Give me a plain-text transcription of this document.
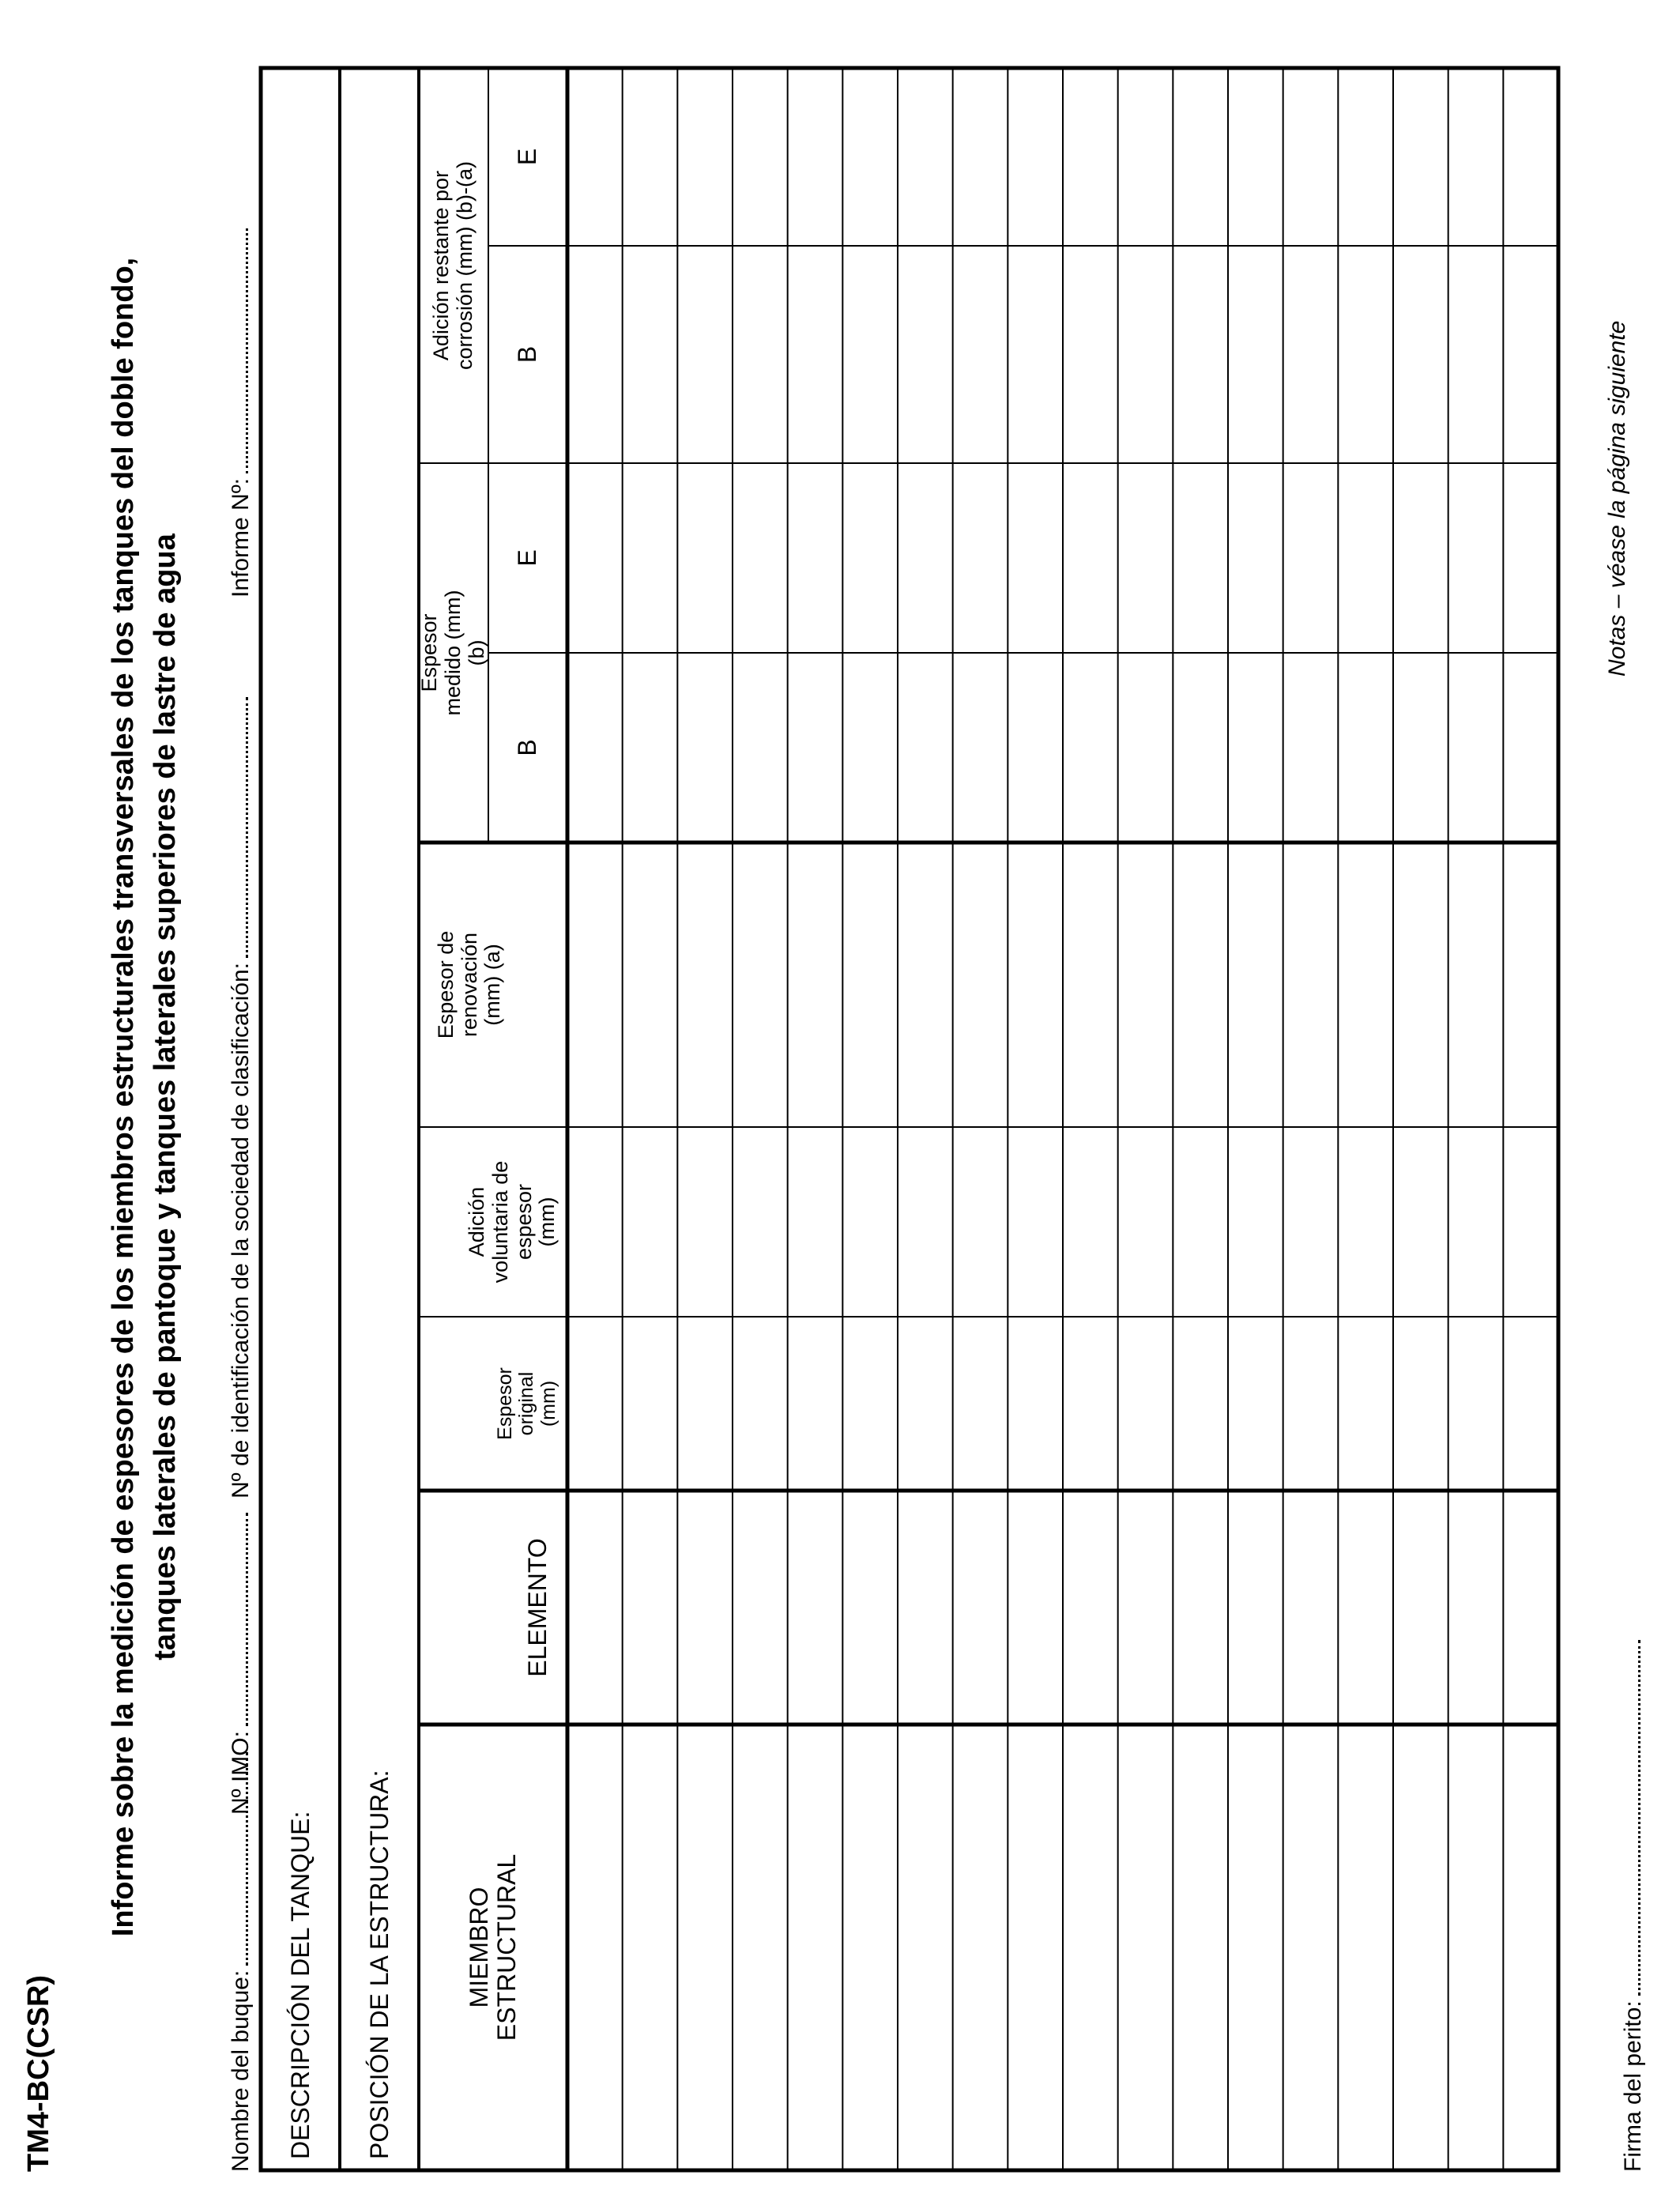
TM4-BC(CSR)
Informe sobre la medición de espesores de los miembros estructurales transversales de los tanques del doble fondo, tanques laterales de pantoque y tanques laterales superiores de lastre de agua
Nombre del buque:
Nº IMO:
Nº de identificación de la sociedad de clasificación:
Informe Nº:
DESCRIPCIÓN DEL TANQUE: POSICIÓN DE LA ESTRUCTURA:	MIEMBRO ESTRUCTURAL
ELEMENTO
Espesor original (mm)
Adición voluntaria de espesor (mm)
Espesor de renovación (mm) (a)
Espesor medido (mm) (b)
Adición restante por corrosión (mm) (b)-(a)
B
E
B
E
Firma del perito:
Notas – véase la página siguiente
